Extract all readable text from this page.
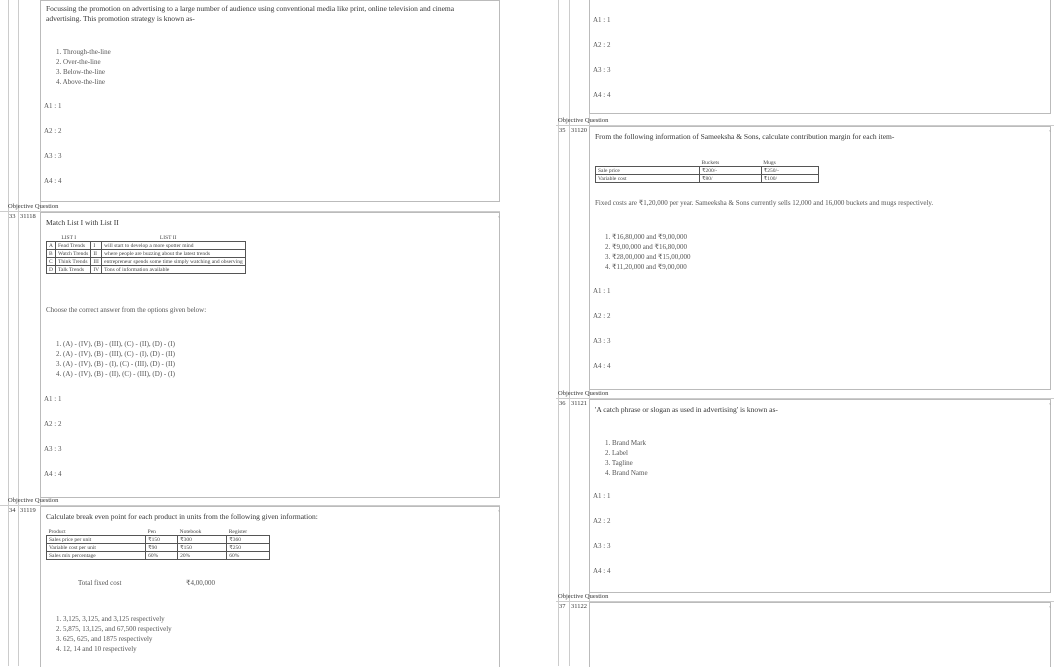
Focussing the promotion on advertising to a large number of audience using conventional media like print, online television and cinema
advertising. This promotion strategy is known as-
1. Through-the-line
2. Over-the-line
3. Below-the-line
4. Above-the-line
A1 : 1
A2 : 2
A3 : 3
A4 : 4
Objective Question
33 31118	‹
Match List I with List II
LIST I		LIST II	
A	Fead Trends	I	will start to develop a more spotter mind
B	Watch Trends	II	where people are buzzing about the latest trends
C	Think Trends	III	entrepreneur spends some time simply watching and observing
D	Talk Trends	IV	Tons of information available
Choose the correct answer from the options given below:
1. (A) - (IV), (B) - (III), (C) - (II), (D) - (I)
2. (A) - (IV), (B) - (III), (C) - (I), (D) - (II)
3. (A) - (IV), (B) - (I), (C) - (III), (D) - (II)
4. (A) - (IV), (B) - (II), (C) - (III), (D) - (I)
A1 : 1
A2 : 2
A3 : 3
A4 : 4
Objective Question
34 31119	‹
Calculate break even point for each product in units from the following given information:
Product	Pen	Notebook	Register
Sales price per unit	₹150	₹300	₹360
Variable cost per unit	₹90	₹150	₹250
Sales mix percentage	60%	20%	60%
Total fixed cost	₹4,00,000
1. 3,125, 3,125, and 3,125 respectively
2. 5,875, 13,125, and 67,500 respectively
3. 625, 625, and 1875 respectively
4. 12, 14 and 10 respectively
A1 : 1
A2 : 2
A3 : 3
A4 : 4
Objective Question
35 31120	‹
From the following information of Sameeksha & Sons, calculate contribution margin for each item-
	Buckets	Mugs
Sale price	₹200/-	₹250/-
Variable cost	₹80/	₹100/
Fixed costs are ₹1,20,000 per year. Sameeksha & Sons currently sells 12,000 and 16,000 buckets and mugs respectively.
1. ₹16,80,000 and ₹9,00,000
2. ₹9,00,000 and ₹16,80,000
3. ₹28,00,000 and ₹15,00,000
4. ₹11,20,000 and ₹9,00,000
A1 : 1
A2 : 2
A3 : 3
A4 : 4
Objective Question
36 31121	‹
'A catch phrase or slogan as used in advertising' is known as-
1. Brand Mark
2. Label
3. Tagline
4. Brand Name
A1 : 1
A2 : 2
A3 : 3
A4 : 4
Objective Question
37 31122	‹
